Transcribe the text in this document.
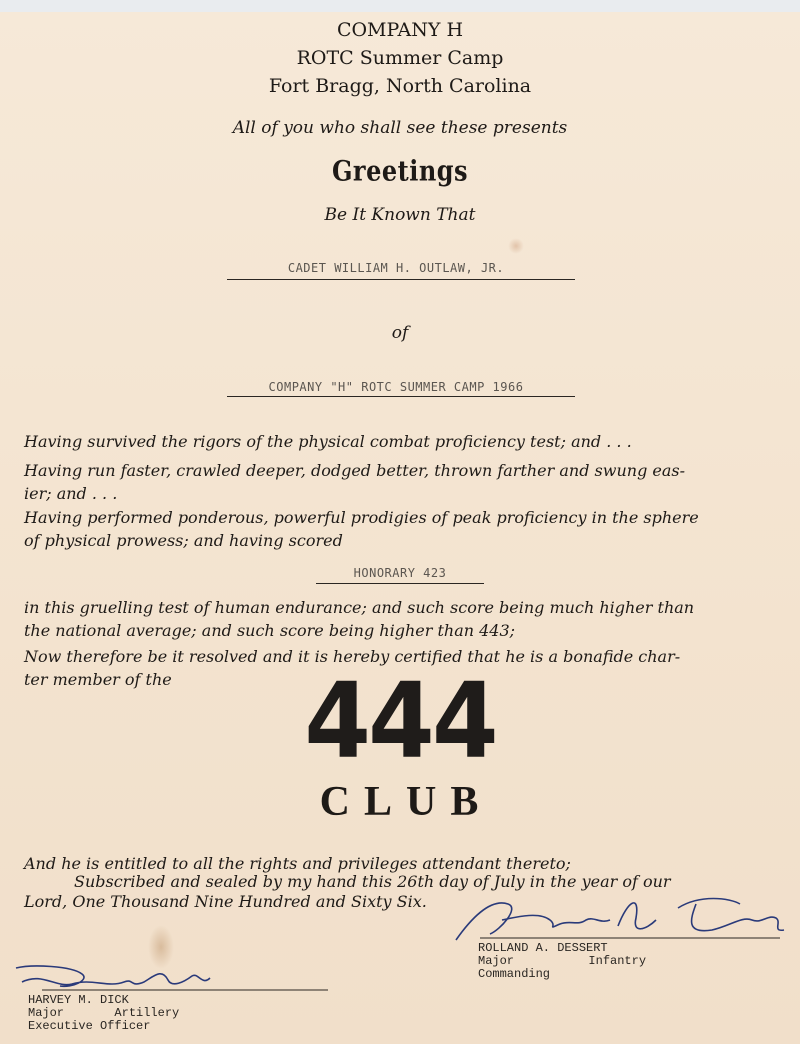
COMPANY H
ROTC Summer Camp
Fort Bragg, North Carolina
All of you who shall see these presents
Greetings
Be It Known That
CADET WILLIAM H. OUTLAW, JR.
of
COMPANY "H" ROTC SUMMER CAMP 1966
Having survived the rigors of the physical combat proficiency test; and . . .
Having run faster, crawled deeper, dodged better, thrown farther and swung eas-
ier; and . . .
Having performed ponderous, powerful prodigies of peak proficiency in the sphere
of physical prowess; and having scored
HONORARY 423
in this gruelling test of human endurance; and such score being much higher than
the national average; and such score being higher than 443;
Now therefore be it resolved and it is hereby certified that he is a bonafide char-
ter member of the	444
CLUB
And he is entitled to all the rights and privileges attendant thereto;
Subscribed and sealed by my hand this 26th day of July in the year of our
Lord, One Thousand Nine Hundred and Sixty Six.
ROLLAND A. DESSERT
Major	Infantry
Commanding
HARVEY M. DICK
Major	Artillery
Executive Officer
